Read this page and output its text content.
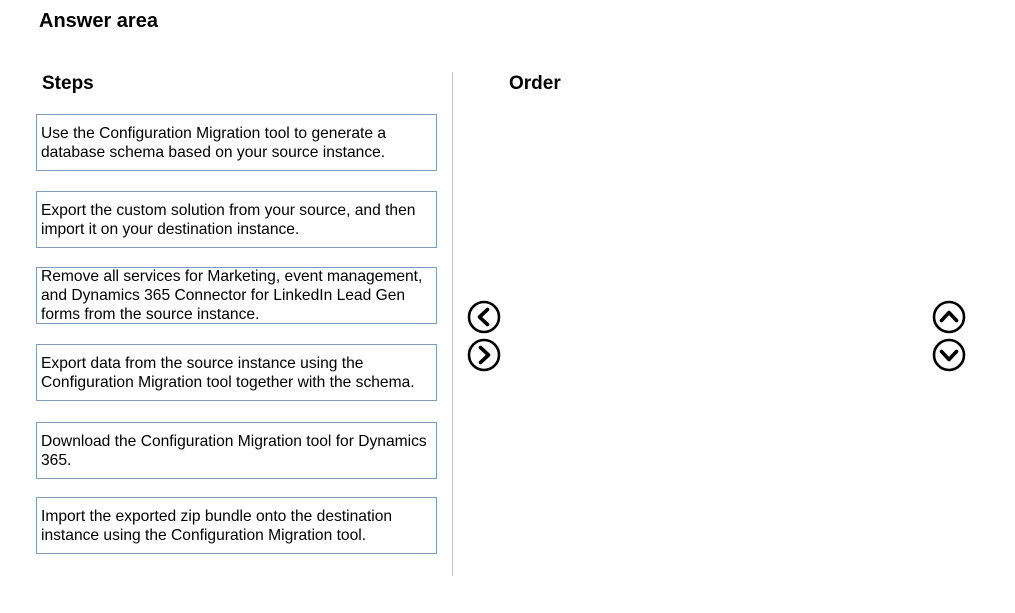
Answer area
Steps	Order
Use the Configuration Migration tool to generate a database schema based on your source instance.
Export the custom solution from your source, and then import it on your destination instance.
Remove all services for Marketing, event management, and Dynamics 365 Connector for LinkedIn Lead Gen forms from the source instance.
Export data from the source instance using the Configuration Migration tool together with the schema.
Download the Configuration Migration tool for Dynamics 365.
Import the exported zip bundle onto the destination instance using the Configuration Migration tool.
